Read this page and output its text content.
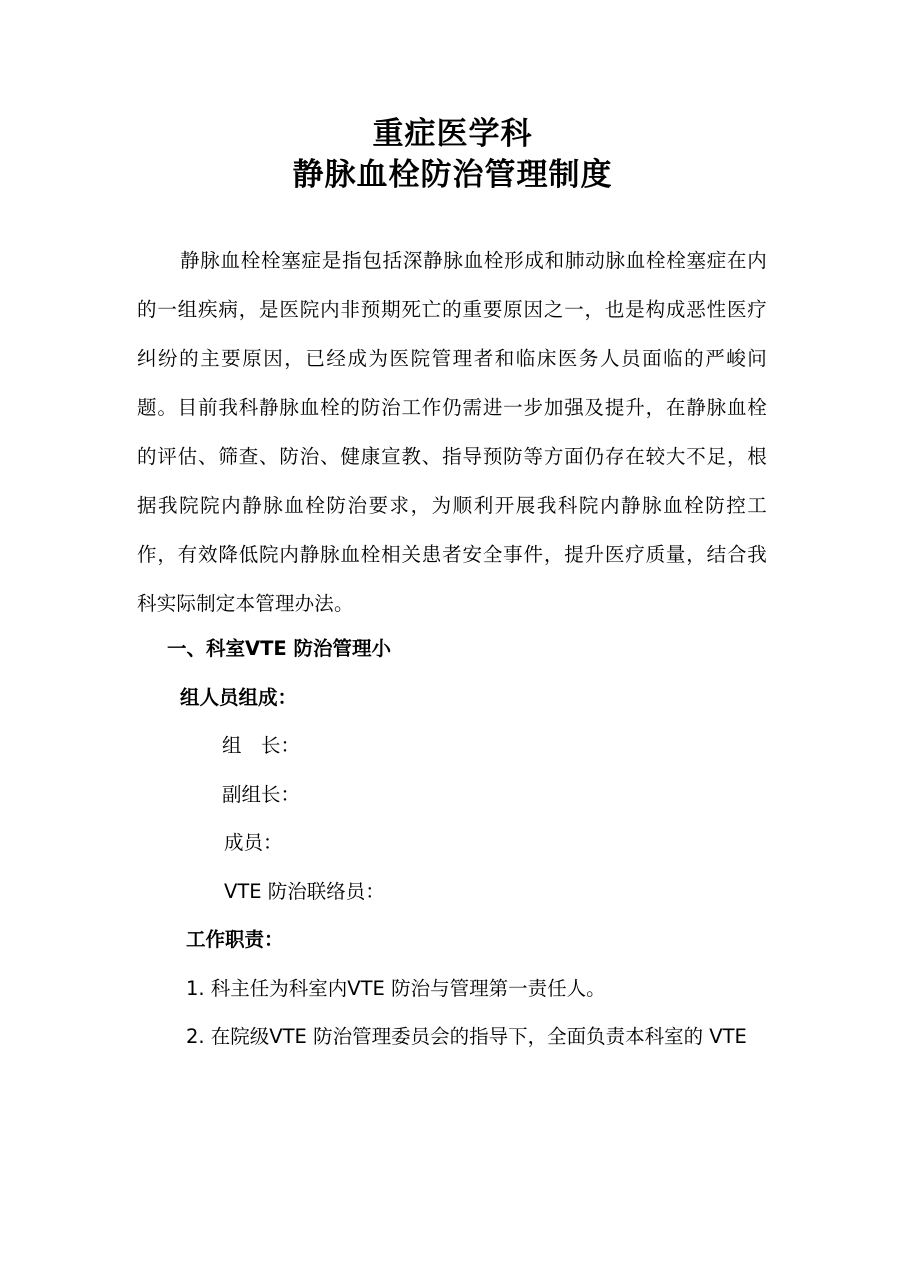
重症医学科
静脉血栓防治管理制度

静脉血栓栓塞症是指包括深静脉血栓形成和肺动脉血栓栓塞症在内的一组疾病，是医院内非预期死亡的重要原因之一，也是构成恶性医疗纠纷的主要原因，已经成为医院管理者和临床医务人员面临的严峻问题。目前我科静脉血栓的防治工作仍需进一步加强及提升，在静脉血栓的评估、筛查、防治、健康宣教、指导预防等方面仍存在较大不足，根据我院院内静脉血栓防治要求，为顺利开展我科院内静脉血栓防控工作，有效降低院内静脉血栓相关患者安全事件，提升医疗质量，结合我科实际制定本管理办法。

一、科室VTE 防治管理小
组人员组成：
组　长：
副组长：
成员：
VTE 防治联络员：
工作职责：
1. 科主任为科室内VTE 防治与管理第一责任人。
2. 在院级VTE 防治管理委员会的指导下，全面负责本科室的 VTE
